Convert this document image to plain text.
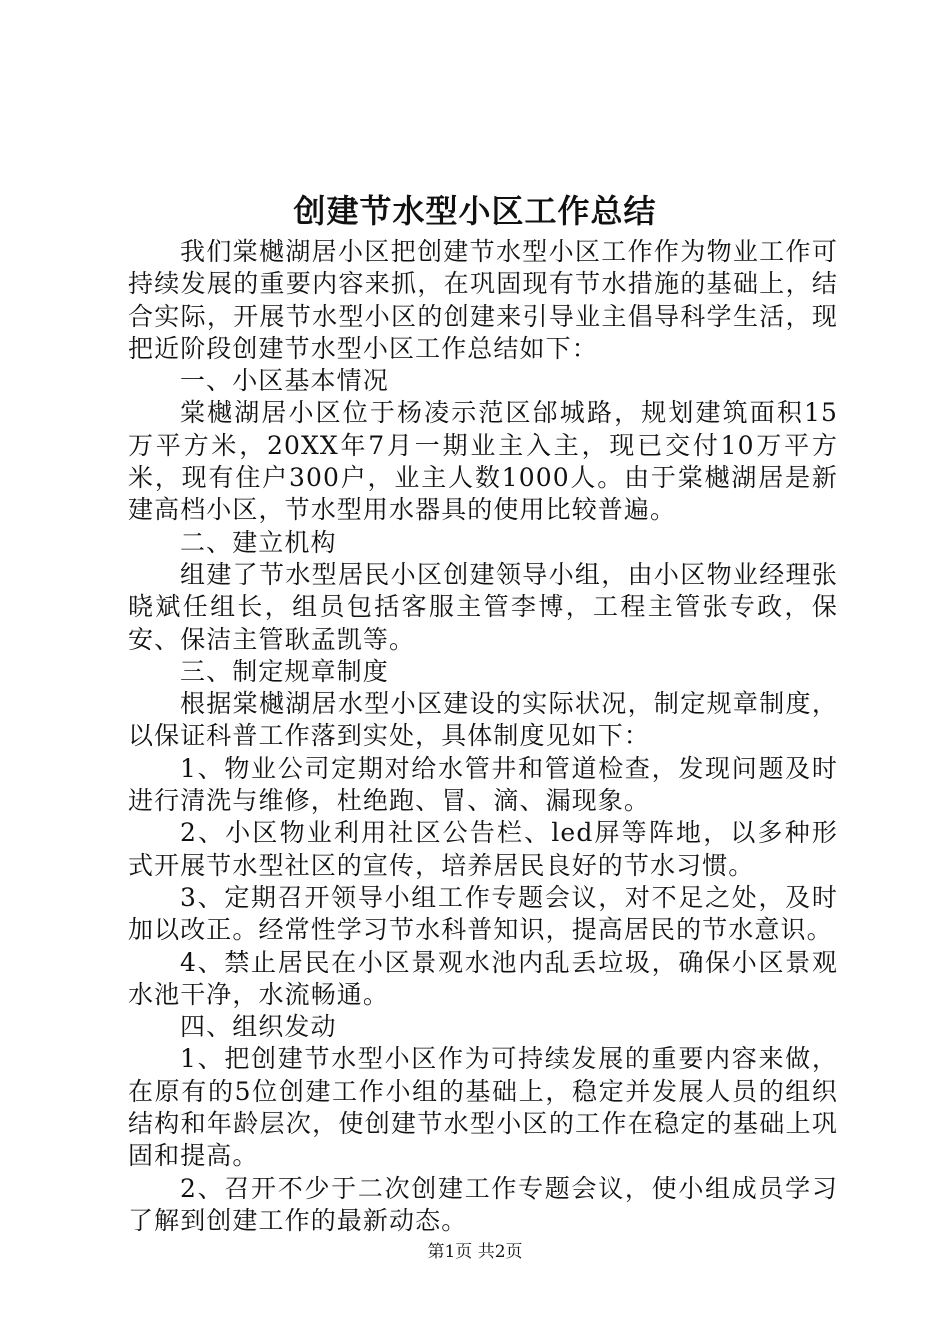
创建节水型小区工作总结

我们棠樾湖居小区把创建节水型小区工作作为物业工作可持续发展的重要内容来抓，在巩固现有节水措施的基础上，结合实际，开展节水型小区的创建来引导业主倡导科学生活，现把近阶段创建节水型小区工作总结如下：

一、小区基本情况

棠樾湖居小区位于杨凌示范区邰城路，规划建筑面积15万平方米，20XX年7月一期业主入主，现已交付10万平方米，现有住户300户，业主人数1000人。由于棠樾湖居是新建高档小区，节水型用水器具的使用比较普遍。

二、建立机构

组建了节水型居民小区创建领导小组，由小区物业经理张晓斌任组长，组员包括客服主管李博，工程主管张专政，保安、保洁主管耿孟凯等。

三、制定规章制度

根据棠樾湖居水型小区建设的实际状况，制定规章制度，以保证科普工作落到实处，具体制度见如下：

1、物业公司定期对给水管井和管道检查，发现问题及时进行清洗与维修，杜绝跑、冒、滴、漏现象。

2、小区物业利用社区公告栏、led屏等阵地，以多种形式开展节水型社区的宣传，培养居民良好的节水习惯。

3、定期召开领导小组工作专题会议，对不足之处，及时加以改正。经常性学习节水科普知识，提高居民的节水意识。

4、禁止居民在小区景观水池内乱丢垃圾，确保小区景观水池干净，水流畅通。

四、组织发动

1、把创建节水型小区作为可持续发展的重要内容来做，在原有的5位创建工作小组的基础上，稳定并发展人员的组织结构和年龄层次，使创建节水型小区的工作在稳定的基础上巩固和提高。

2、召开不少于二次创建工作专题会议，使小组成员学习了解到创建工作的最新动态。

第1页 共2页
